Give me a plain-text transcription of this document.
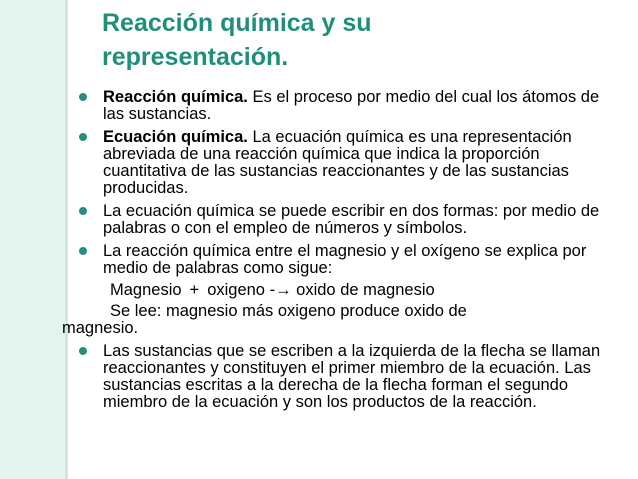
Reacción química y su
representación.
Reacción química. Es el proceso por medio del cual los átomos de las sustancias.
Ecuación química. La ecuación química es una representación abreviada de una reacción química que indica la proporción cuantitativa de las sustancias reaccionantes y de las sustancias producidas.
La ecuación química se puede escribir en dos formas: por medio de palabras o con el empleo de números y símbolos.
La reacción química entre el magnesio y el oxígeno se explica por medio de palabras como sigue:
Magnesio + oxigeno -→ oxido de magnesio
Se lee: magnesio más oxigeno produce oxido de
magnesio.
Las sustancias que se escriben a la izquierda de la flecha se llaman reaccionantes y constituyen el primer miembro de la ecuación. Las sustancias escritas a la derecha de la flecha forman el segundo miembro de la ecuación y son los productos de la reacción.
